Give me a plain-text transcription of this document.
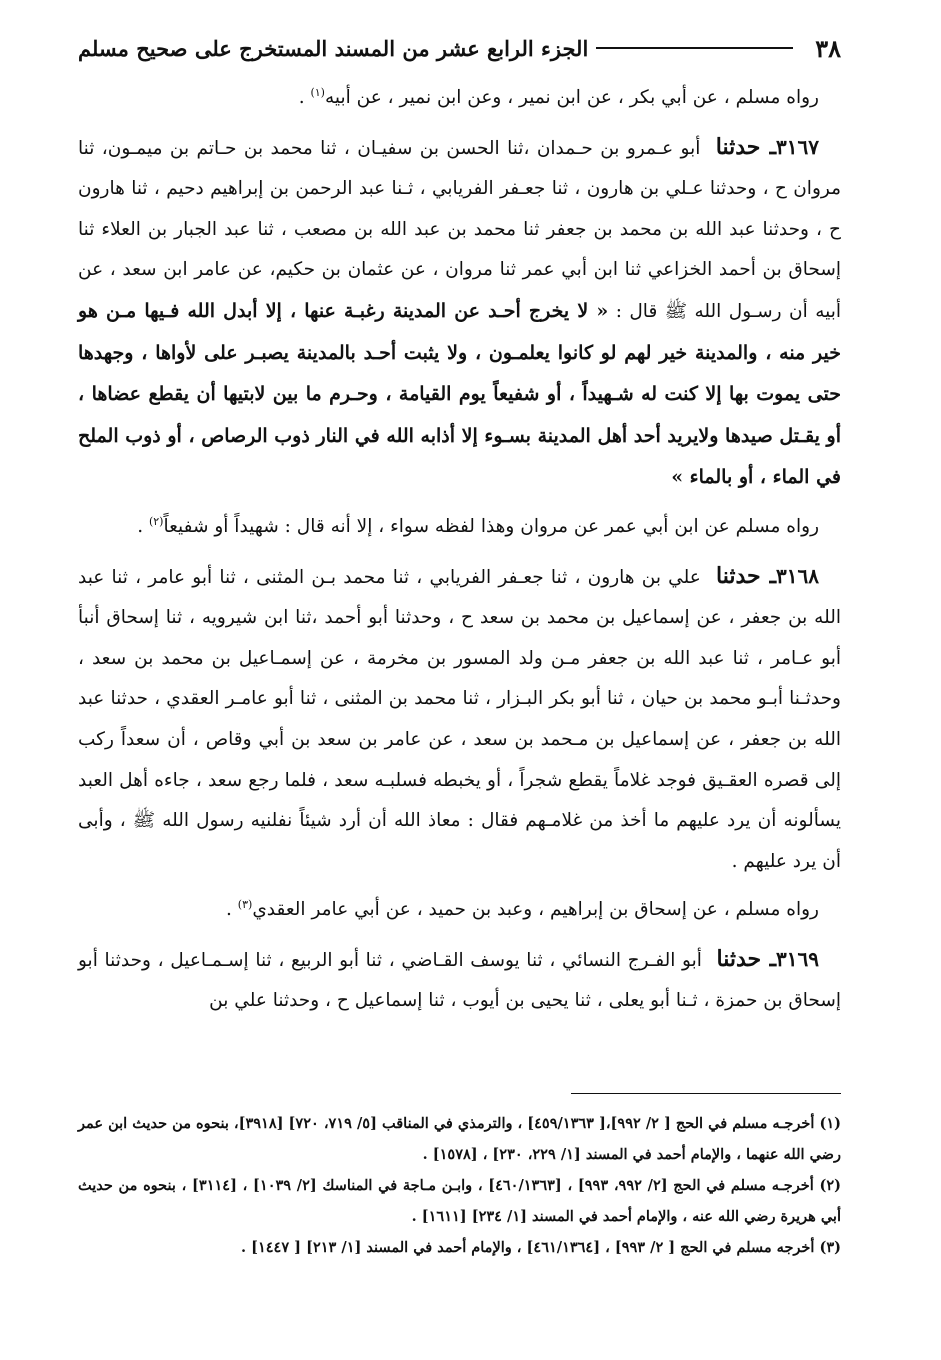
٣٨
الجزء الرابع عشر من المسند المستخرج على صحيح مسلم

رواه مسلم ، عن أبي بكر ، عن ابن نمير ، وعن ابن نمير ، عن أبيه$^{(١)}$ .

٣١٦٧ـ حدثنا أبو عـمرو بن حـمدان ،ثنا الحسن بن سفيـان ، ثنا محمد بن حـاتم بن ميمـون، ثنا مروان ح ، وحدثنا عـلي بن هارون ، ثنا جعـفر الفريابي ، ثـنا عبد الرحمن بن إبراهيم دحيم ، ثنا هارون ح ، وحدثنا عبد الله بن محمد بن جعفر ثنا محمد بن عبد الله بن مصعب ، ثنا عبد الجبار بن العلاء ثنا إسحاق بن أحمد الخزاعي ثنا ابن أبي عمر ثنا مروان ، عن عثمان بن حكيم، عن عامر ابن سعد ، عن أبيه أن رسـول الله ﷺ قال : « لا يخرج أحـد عن المدينة رغبـة عنها ، إلا أبدل الله فـيها مـن هو خير منه ، والمدينة خير لهم لو كانوا يعلمـون ، ولا يثبت أحـد بالمدينة يصبـر على لأواها ، وجهدها حتى يموت بها إلا كنت له شـهيداً ، أو شفيعاً يوم القيامة ، وحـرم ما بين لابتيها أن يقطع عضاها ، أو يقـتل صيدها ولايريد أحد أهل المدينة بسـوء إلا أذابه الله في النار ذوب الرصاص ، أو ذوب الملح في الماء ، أو بالماء »

رواه مسلم عن ابن أبي عمر عن مروان وهذا لفظه سواء ، إلا أنه قال : شهيداً أو شفيعاً$^{(٢)}$ .

٣١٦٨ـ حدثنا علي بن هارون ، ثنا جعـفر الفريابي ، ثنا محمد بـن المثنى ، ثنا أبو عامر ، ثنا عبد الله بن جعفر ، عن إسماعيل بن محمد بن سعد ح ، وحدثنا أبو أحمد ،ثنا ابن شيرويه ، ثنا إسحاق أنبأ أبو عـامر ، ثنا عبد الله بن جعفر مـن ولد المسور بن مخرمة ، عن إسمـاعيل بن محمد بن سعد ، وحدثـنا أبـو محمد بن حيان ، ثنا أبو بكر البـزار ، ثنا محمد بن المثنى ، ثنا أبو عامـر العقدي ، حدثنا عبد الله بن جعفر ، عن إسماعيل بن مـحمد بن سعد ، عن عامر بن سعد بن أبي وقاص ، أن سعداً ركب إلى قصره العقـيق فوجد غلاماً يقطع شجراً ، أو يخبطه فسلبـه سعد ، فلما رجع سعد ، جاءه أهل العبد يسألونه أن يرد عليهم ما أخذ من غلامـهم فقال : معاذ الله أن أرد شيئاً نفلنيه رسول الله ﷺ ، وأبى أن يرد عليهم .

رواه مسلم ، عن إسحاق بن إبراهيم ، وعبد بن حميد ، عن أبي عامر العقدي$^{(٣)}$ .

٣١٦٩ـ حدثنا أبو الفـرج النسائي ، ثنا يوسف القـاضي ، ثنا أبو الربيع ، ثنا إسـمـاعيل ، وحدثنا أبو إسحاق بن حمزة ، ثـنا أبو يعلى ، ثنا يحيى بن أيوب ، ثنا إسماعيل ح ، وحدثنا علي بن

(١) أخرجـه مسلم في الحج [ ٢/ ٩٩٢]،[ ٤٥٩/١٣٦٣] ، والترمذي في المناقب [٥/ ٧١٩، ٧٢٠] [٣٩١٨]، بنحوه من حديث ابن عمر رضي الله عنهما ، والإمام أحمد في المسند [١/ ٢٢٩، ٢٣٠] ، [١٥٧٨] .

(٢) أخرجـه مسلم في الحج [٢/ ٩٩٢، ٩٩٣] ، [٤٦٠/١٣٦٣] ، وابـن مـاجة في المناسك [٢/ ١٠٣٩] ، [٣١١٤] ، بنحوه من حديث أبي هريرة رضي الله عنه ، والإمام أحمد في المسند [١/ ٢٣٤] [١٦١١] .

(٣) أخرجه مسلم في الحج [ ٢/ ٩٩٣] ، [٤٦١/١٣٦٤] ، والإمام أحمد في المسند [١/ ٢١٣] [ ١٤٤٧] .
